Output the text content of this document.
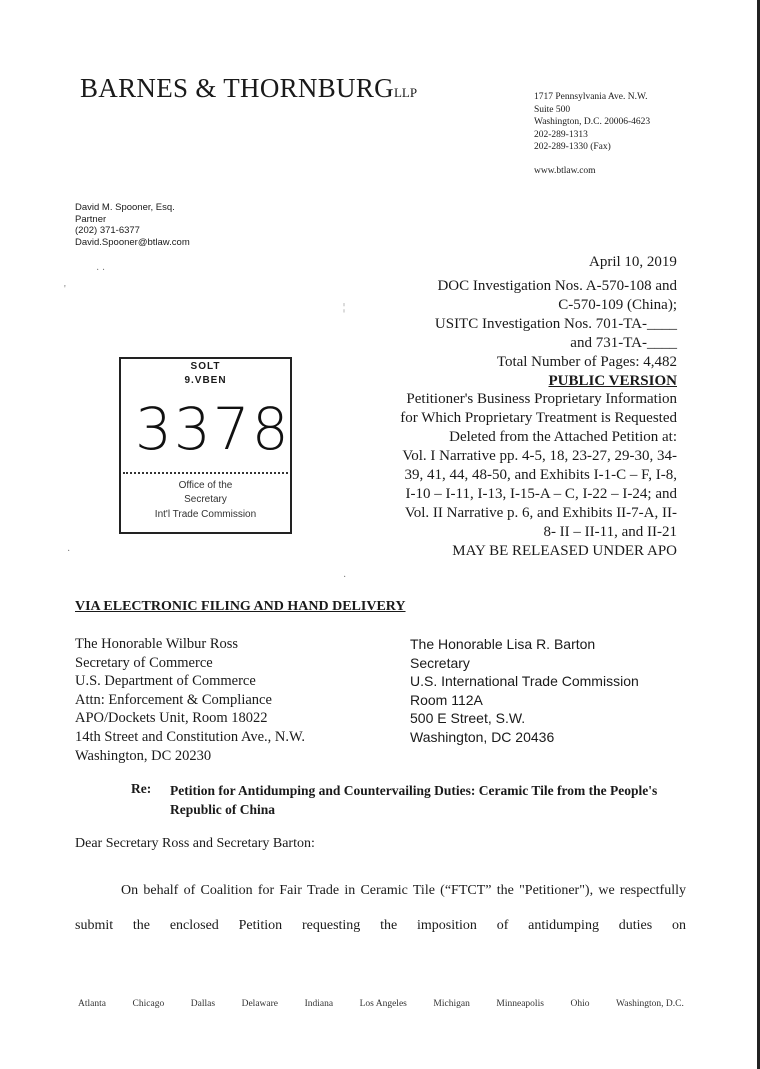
BARNES & THORNBURGLLP	1717 Pennsylvania Ave. N.W.
Suite 500
Washington, D.C. 20006-4623
202-289-1313
202-289-1330 (Fax)
www.btlaw.com
David M. Spooner, Esq.
Partner
(202) 371-6377
David.Spooner@btlaw.com
· ·
'
¦
April 10, 2019
DOC Investigation Nos. A-570-108 and
C-570-109 (China);
USITC Investigation Nos. 701-TA-____
and 731-TA-____
Total Number of Pages: 4,482
PUBLIC VERSION
Petitioner's Business Proprietary Information
for Which Proprietary Treatment is Requested
Deleted from the Attached Petition at:
Vol. I Narrative pp. 4-5, 18, 23-27, 29-30, 34-
39, 41, 44, 48-50, and Exhibits I-1-C – F, I-8,
I-10 – I-11, I-13, I-15-A – C, I-22 – I-24; and
Vol. II Narrative p. 6, and Exhibits II-7-A, II-
8- II – II-11, and II-21
MAY BE RELEASED UNDER APO
SOLT
9.VBEN
3378
Office of the
Secretary
Int'l Trade Commission
·
·
VIA ELECTRONIC FILING AND HAND DELIVERY
The Honorable Wilbur Ross
Secretary of Commerce
U.S. Department of Commerce
Attn: Enforcement & Compliance
APO/Dockets Unit, Room 18022
14th Street and Constitution Ave., N.W.
Washington, DC 20230
The Honorable Lisa R. Barton
Secretary
U.S. International Trade Commission
Room 112A
500 E Street, S.W.
Washington, DC 20436
Re: Petition for Antidumping and Countervailing Duties: Ceramic Tile from the People's Republic of China
Dear Secretary Ross and Secretary Barton:

On behalf of Coalition for Fair Trade in Ceramic Tile (“FTCT” the "Petitioner"), we respectfully submit the enclosed Petition requesting the imposition of antidumping duties on

Atlanta	Chicago	Dallas	Delaware	Indiana	Los Angeles	Michigan	Minneapolis	Ohio	Washington, D.C.
